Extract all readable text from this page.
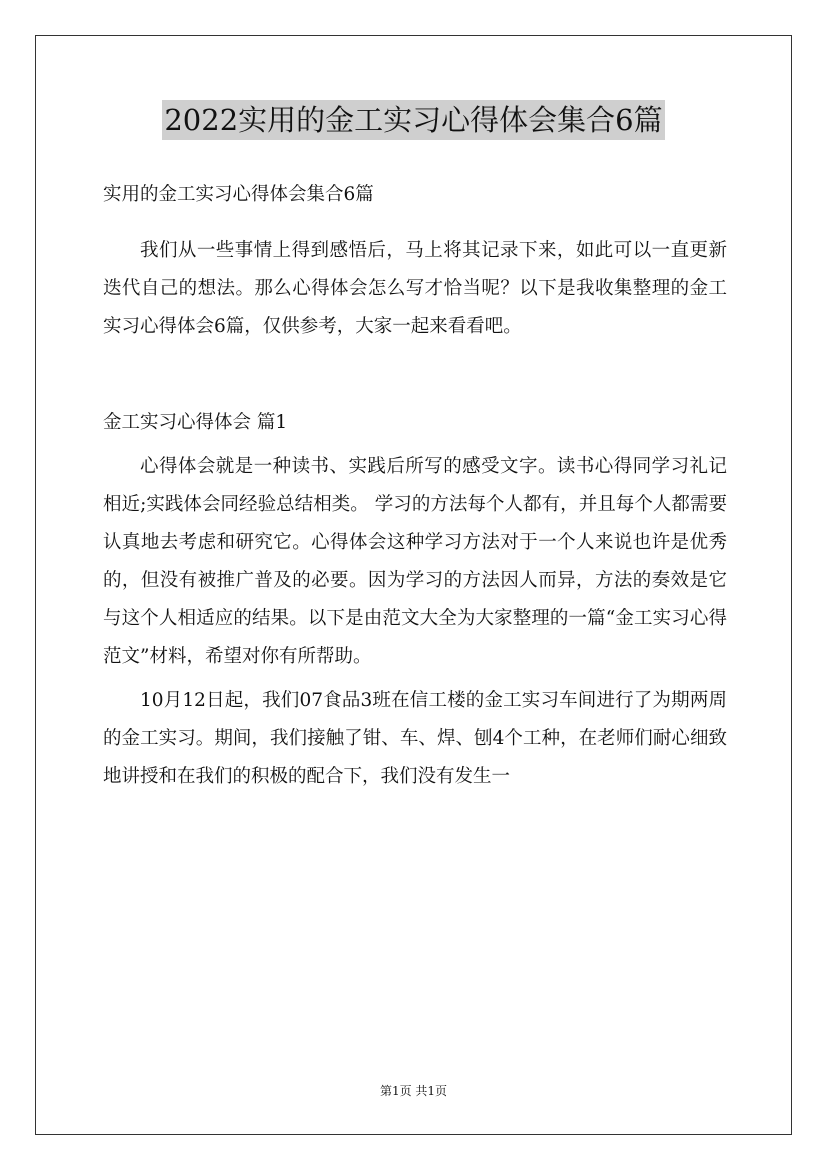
2022实用的金工实习心得体会集合6篇

实用的金工实习心得体会集合6篇

我们从一些事情上得到感悟后，马上将其记录下来，如此可以一直更新迭代自己的想法。那么心得体会怎么写才恰当呢？以下是我收集整理的金工实习心得体会6篇，仅供参考，大家一起来看看吧。

金工实习心得体会 篇1

心得体会就是一种读书、实践后所写的感受文字。读书心得同学习礼记相近;实践体会同经验总结相类。 学习的方法每个人都有，并且每个人都需要认真地去考虑和研究它。心得体会这种学习方法对于一个人来说也许是优秀的，但没有被推广普及的必要。因为学习的方法因人而异，方法的奏效是它与这个人相适应的结果。以下是由范文大全为大家整理的一篇“金工实习心得范文”材料，希望对你有所帮助。

10月12日起，我们07食品3班在信工楼的金工实习车间进行了为期两周的金工实习。期间，我们接触了钳、车、焊、刨4个工种，在老师们耐心细致地讲授和在我们的积极的配合下，我们没有发生一

第1页 共1页
